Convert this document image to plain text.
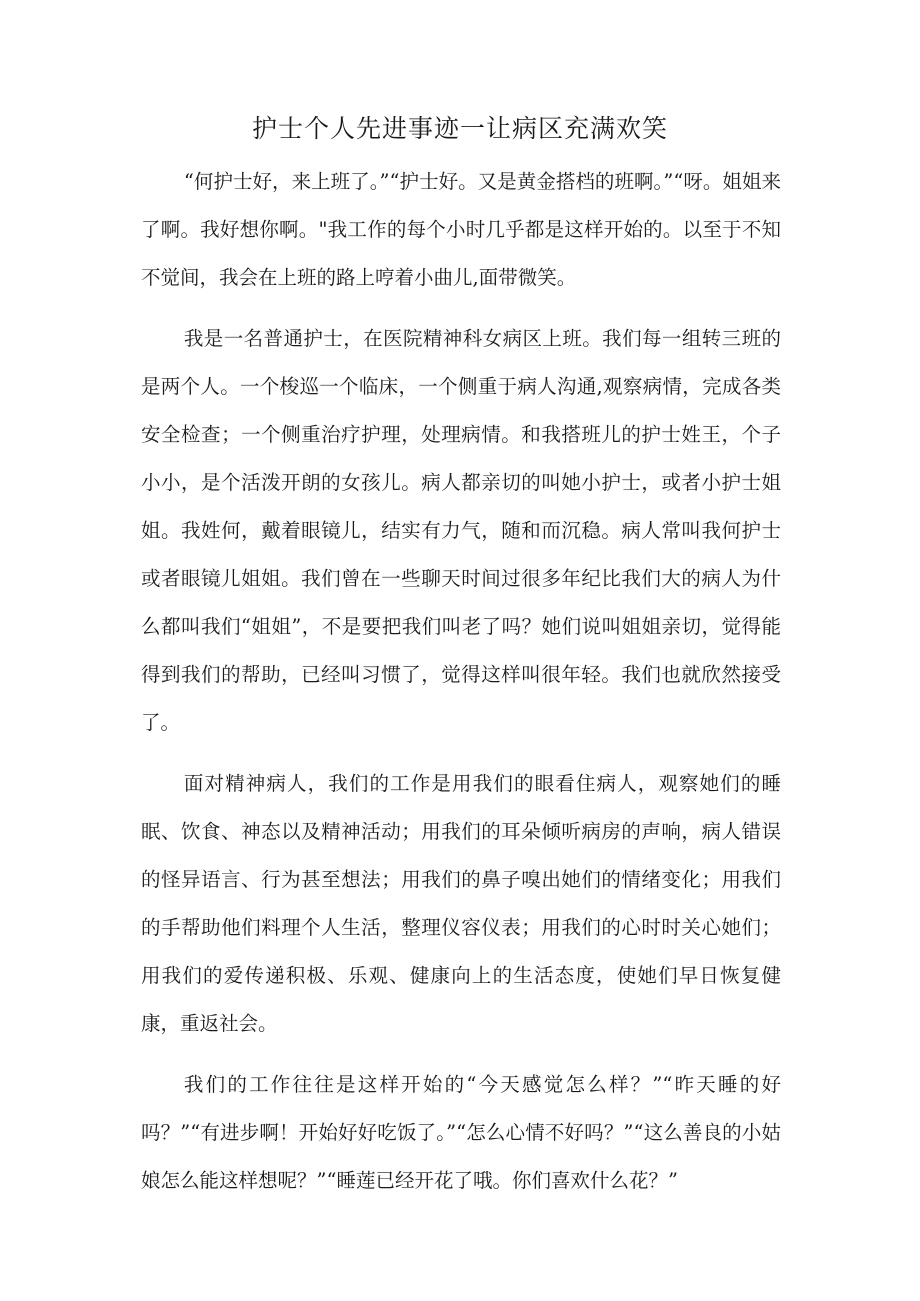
护士个人先进事迹一让病区充满欢笑

“何护士好，来上班了。”“护士好。又是黄金搭档的班啊。”“呀。姐姐来了啊。我好想你啊。"我工作的每个小时几乎都是这样开始的。以至于不知不觉间，我会在上班的路上哼着小曲儿,面带微笑。

我是一名普通护士，在医院精神科女病区上班。我们每一组转三班的是两个人。一个梭巡一个临床，一个侧重于病人沟通,观察病情，完成各类安全检查；一个侧重治疗护理，处理病情。和我搭班儿的护士姓王，个子小小，是个活泼开朗的女孩儿。病人都亲切的叫她小护士，或者小护士姐姐。我姓何，戴着眼镜儿，结实有力气，随和而沉稳。病人常叫我何护士或者眼镜儿姐姐。我们曾在一些聊天时间过很多年纪比我们大的病人为什么都叫我们“姐姐”，不是要把我们叫老了吗？她们说叫姐姐亲切，觉得能得到我们的帮助，已经叫习惯了，觉得这样叫很年轻。我们也就欣然接受了。

面对精神病人，我们的工作是用我们的眼看住病人，观察她们的睡眠、饮食、神态以及精神活动；用我们的耳朵倾听病房的声响，病人错误的怪异语言、行为甚至想法；用我们的鼻子嗅出她们的情绪变化；用我们的手帮助他们料理个人生活，整理仪容仪表；用我们的心时时关心她们；用我们的爱传递积极、乐观、健康向上的生活态度，使她们早日恢复健康，重返社会。

我们的工作往往是这样开始的“今天感觉怎么样？”“昨天睡的好吗？”“有进步啊！开始好好吃饭了。”“怎么心情不好吗？”“这么善良的小姑娘怎么能这样想呢？”“睡莲已经开花了哦。你们喜欢什么花？”
